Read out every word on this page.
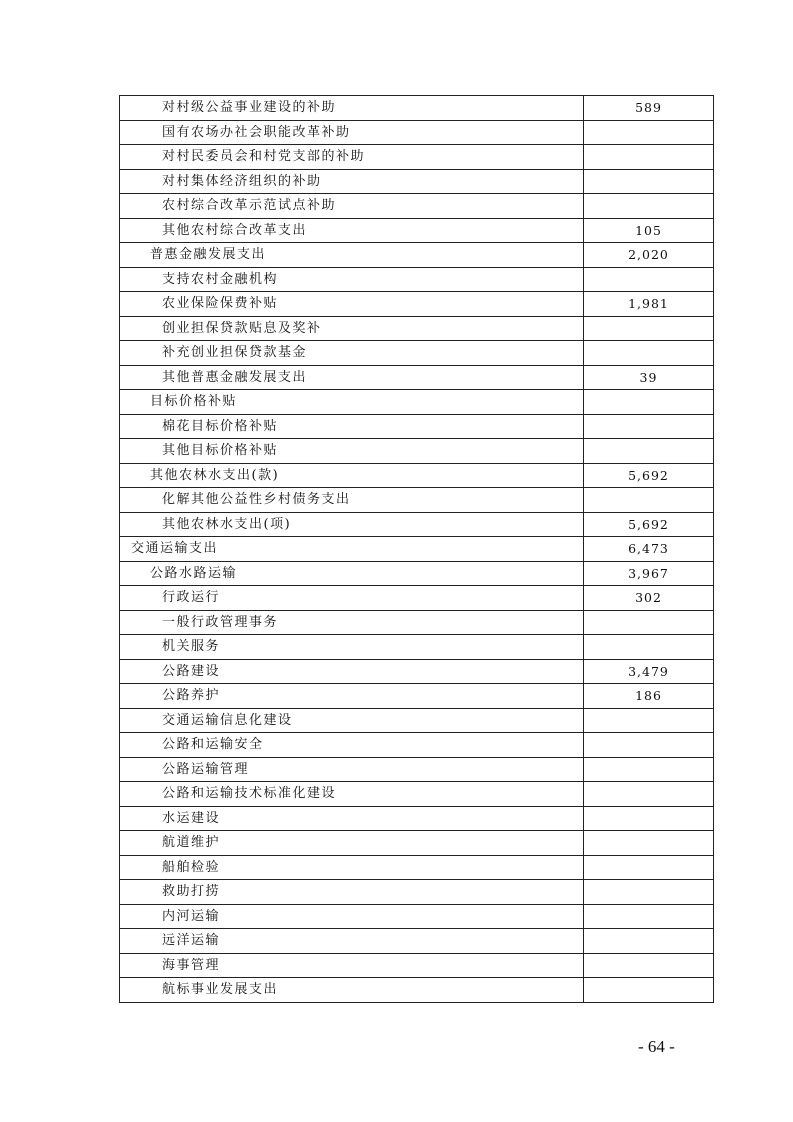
对村级公益事业建设的补助	589
国有农场办社会职能改革补助	
对村民委员会和村党支部的补助	
对村集体经济组织的补助	
农村综合改革示范试点补助	
其他农村综合改革支出	105
普惠金融发展支出	2,020
支持农村金融机构	
农业保险保费补贴	1,981
创业担保贷款贴息及奖补	
补充创业担保贷款基金	
其他普惠金融发展支出	39
目标价格补贴	
棉花目标价格补贴	
其他目标价格补贴	
其他农林水支出(款)	5,692
化解其他公益性乡村债务支出	
其他农林水支出(项)	5,692
交通运输支出	6,473
公路水路运输	3,967
行政运行	302
一般行政管理事务	
机关服务	
公路建设	3,479
公路养护	186
交通运输信息化建设	
公路和运输安全	
公路运输管理	
公路和运输技术标准化建设	
水运建设	
航道维护	
船舶检验	
救助打捞	
内河运输	
远洋运输	
海事管理	
航标事业发展支出	
- 64 -
